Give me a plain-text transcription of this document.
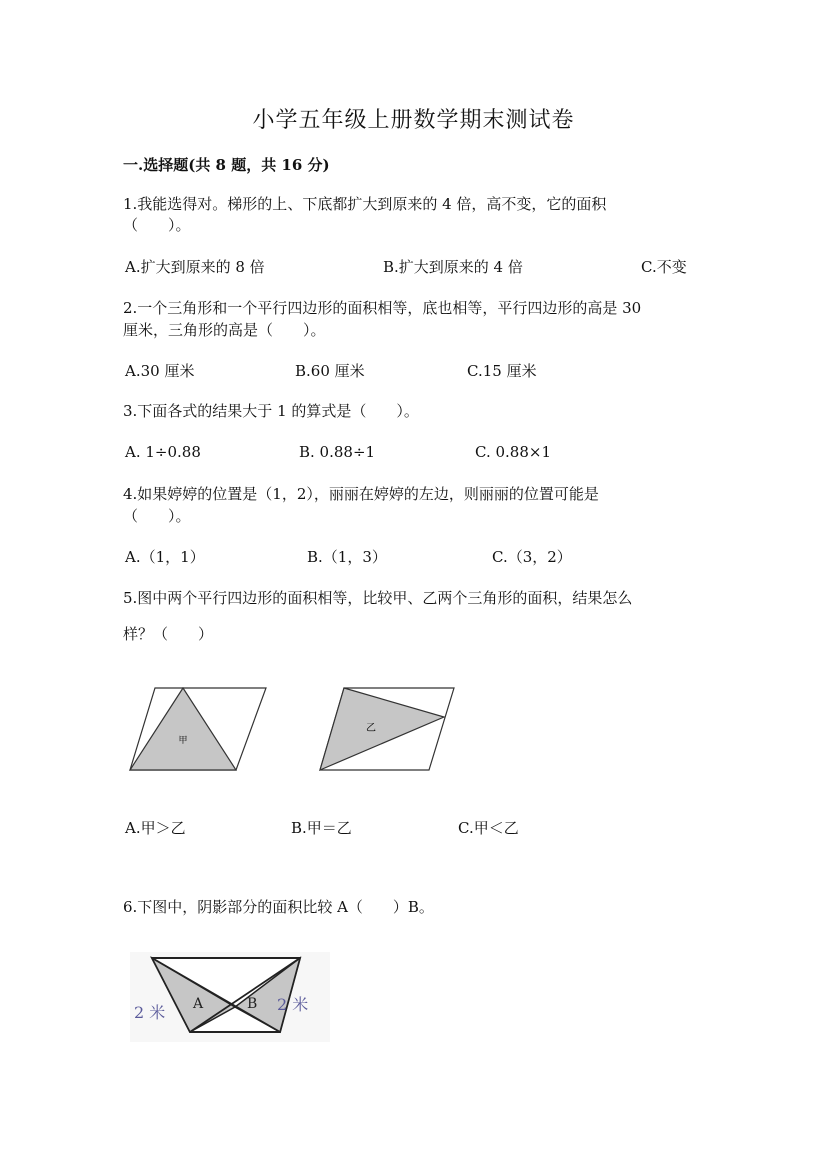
小学五年级上册数学期末测试卷
一.选择题(共 8 题，共 16 分)
1.我能选得对。梯形的上、下底都扩大到原来的 4 倍，高不变，它的面积
（　　）。
A.扩大到原来的 8 倍	B.扩大到原来的 4 倍	C.不变
2.一个三角形和一个平行四边形的面积相等，底也相等，平行四边形的高是 30
厘米，三角形的高是（　　）。
A.30 厘米	B.60 厘米	C.15 厘米
3.下面各式的结果大于 1 的算式是（　　）。
A. 1÷0.88	B. 0.88÷1	C. 0.88×1
4.如果婷婷的位置是（1，2），丽丽在婷婷的左边，则丽丽的位置可能是
（　　）。
A.（1，1）	B.（1，3）	C.（3，2）
5.图中两个平行四边形的面积相等，比较甲、乙两个三角形的面积，结果怎么
样？（　　）
甲
乙
A.甲＞乙	B.甲＝乙	C.甲＜乙
6.下图中，阴影部分的面积比较 A（　　）B。
A	B
2 米	2 米
